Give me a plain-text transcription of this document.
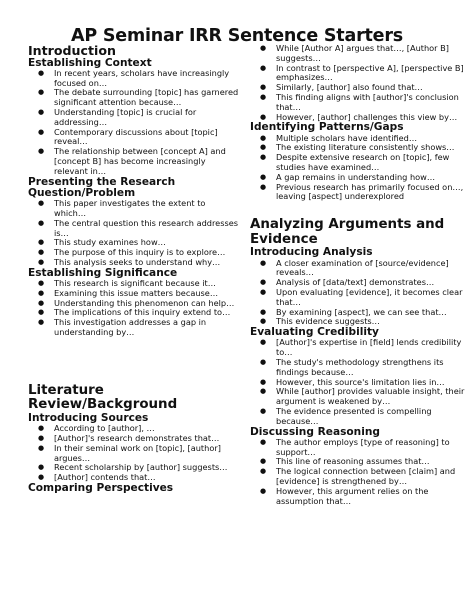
AP Seminar IRR Sentence Starters
Introduction
Establishing Context
● In recent years, scholars have increasingly focused on…
● The debate surrounding [topic] has garnered significant attention because…
● Understanding [topic] is crucial for addressing…
● Contemporary discussions about [topic] reveal…
● The relationship between [concept A] and [concept B] has become increasingly relevant in…
Presenting the Research Question/Problem
● This paper investigates the extent to which…
● The central question this research addresses is…
● This study examines how…
● The purpose of this inquiry is to explore…
● This analysis seeks to understand why…
Establishing Significance
● This research is significant because it…
● Examining this issue matters because…
● Understanding this phenomenon can help…
● The implications of this inquiry extend to…
● This investigation addresses a gap in understanding by…
Literature Review/Background
Introducing Sources
● According to [author], …
● [Author]'s research demonstrates that…
● In their seminal work on [topic], [author] argues…
● Recent scholarship by [author] suggests…
● [Author] contends that…
Comparing Perspectives
● While [Author A] argues that…, [Author B] suggests…
● In contrast to [perspective A], [perspective B] emphasizes…
● Similarly, [author] also found that…
● This finding aligns with [author]'s conclusion that…
● However, [author] challenges this view by…
Identifying Patterns/Gaps
● Multiple scholars have identified…
● The existing literature consistently shows…
● Despite extensive research on [topic], few studies have examined…
● A gap remains in understanding how…
● Previous research has primarily focused on…, leaving [aspect] underexplored
Analyzing Arguments and Evidence
Introducing Analysis
● A closer examination of [source/evidence] reveals…
● Analysis of [data/text] demonstrates…
● Upon evaluating [evidence], it becomes clear that…
● By examining [aspect], we can see that…
● This evidence suggests…
Evaluating Credibility
● [Author]'s expertise in [field] lends credibility to…
● The study's methodology strengthens its findings because…
● However, this source's limitation lies in…
● While [author] provides valuable insight, their argument is weakened by…
● The evidence presented is compelling because…
Discussing Reasoning
● The author employs [type of reasoning] to support…
● This line of reasoning assumes that…
● The logical connection between [claim] and [evidence] is strengthened by…
● However, this argument relies on the assumption that…
